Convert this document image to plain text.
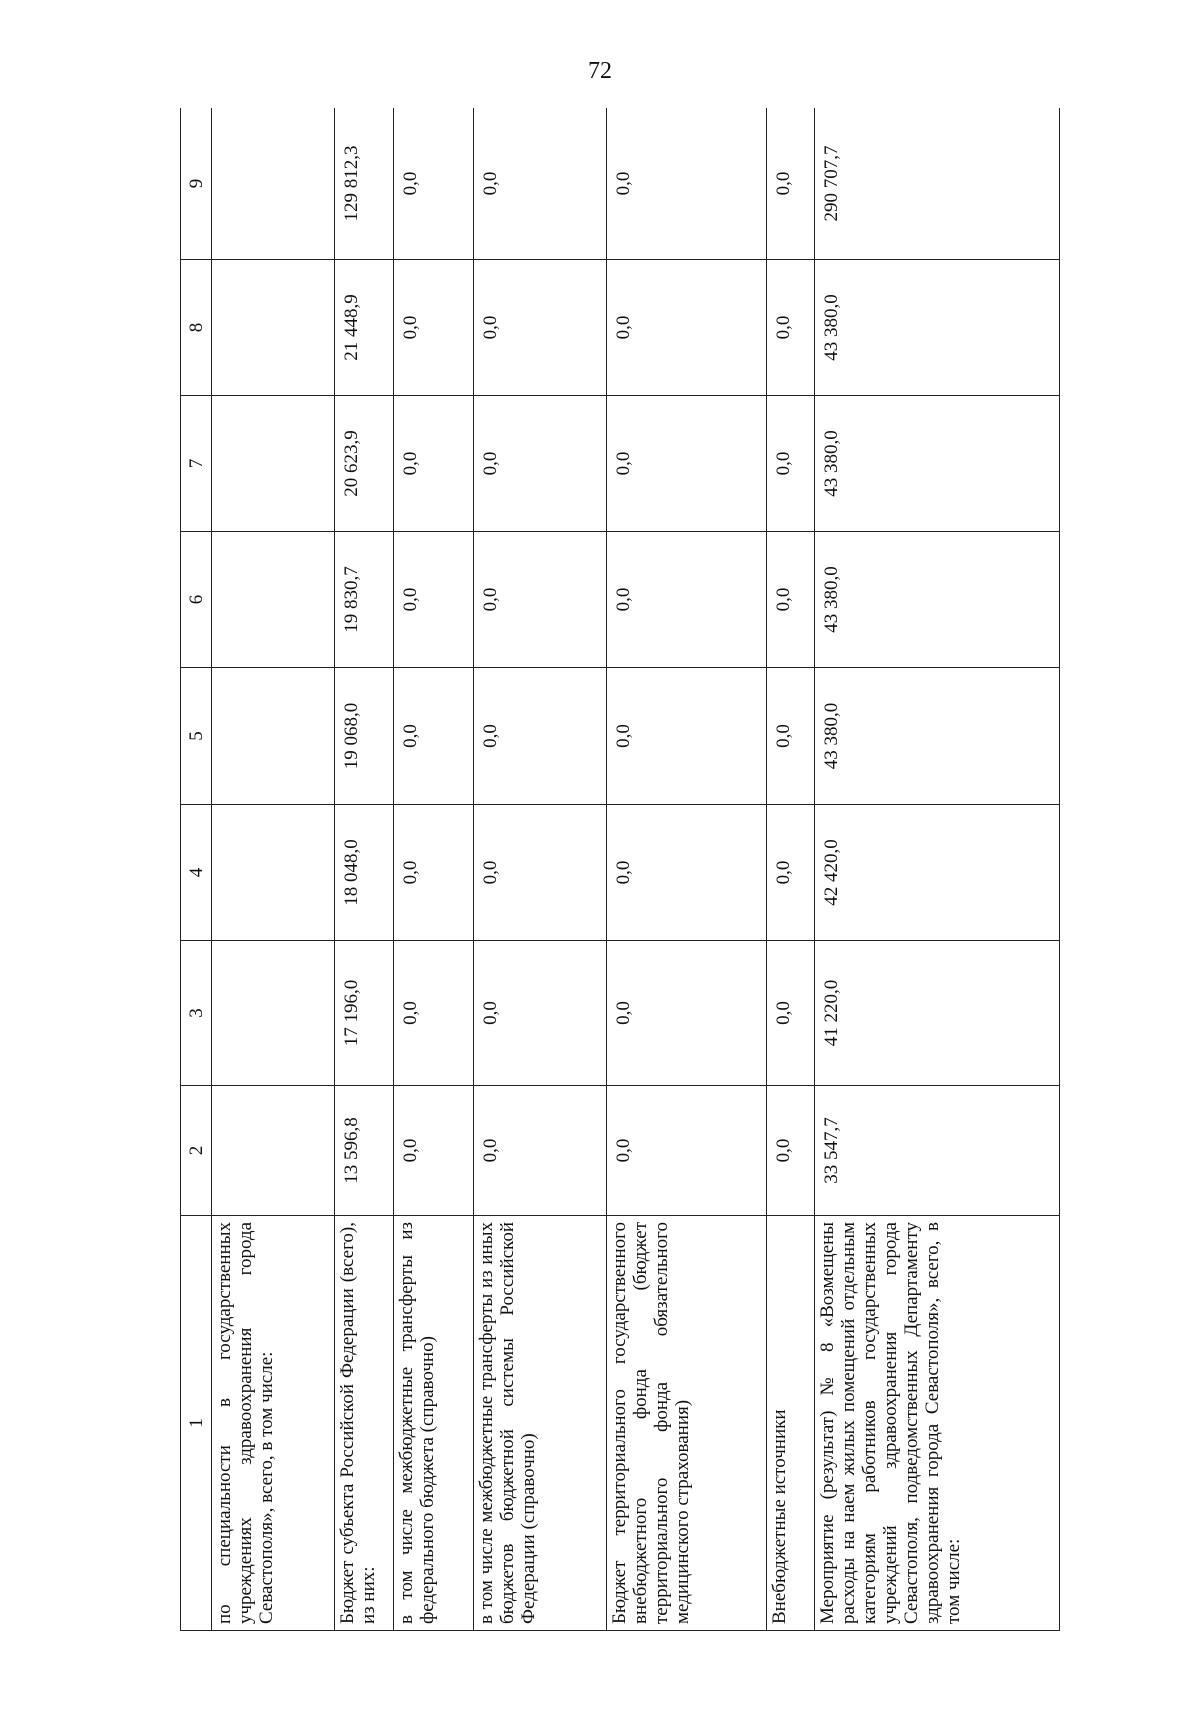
72
1	2	3	4	5	6	7	8	9
по специальности в государственных учреждениях здравоохранения города Севастополя», всего, в том числе:								
Бюджет субъекта Российской Федерации (всего), из них:	13 596,8	17 196,0	18 048,0	19 068,0	19 830,7	20 623,9	21 448,9	129 812,3
в том числе межбюджетные трансферты из федерального бюджета (справочно)	0,0	0,0	0,0	0,0	0,0	0,0	0,0	0,0
в том числе межбюджетные трансферты из иных бюджетов бюджетной системы Российской Федерации (справочно)	0,0	0,0	0,0	0,0	0,0	0,0	0,0	0,0
Бюджет территориального государственного внебюджетного фонда (бюджет территориального фонда обязательного медицинского страхования)	0,0	0,0	0,0	0,0	0,0	0,0	0,0	0,0
Внебюджетные источники	0,0	0,0	0,0	0,0	0,0	0,0	0,0	0,0
Мероприятие (результат) № 8 «Возмещены расходы на наем жилых помещений отдельным категориям работников государственных учреждений здравоохранения города Севастополя, подведомственных Департаменту здравоохранения города Севастополя», всего, в том числе:	33 547,7	41 220,0	42 420,0	43 380,0	43 380,0	43 380,0	43 380,0	290 707,7
